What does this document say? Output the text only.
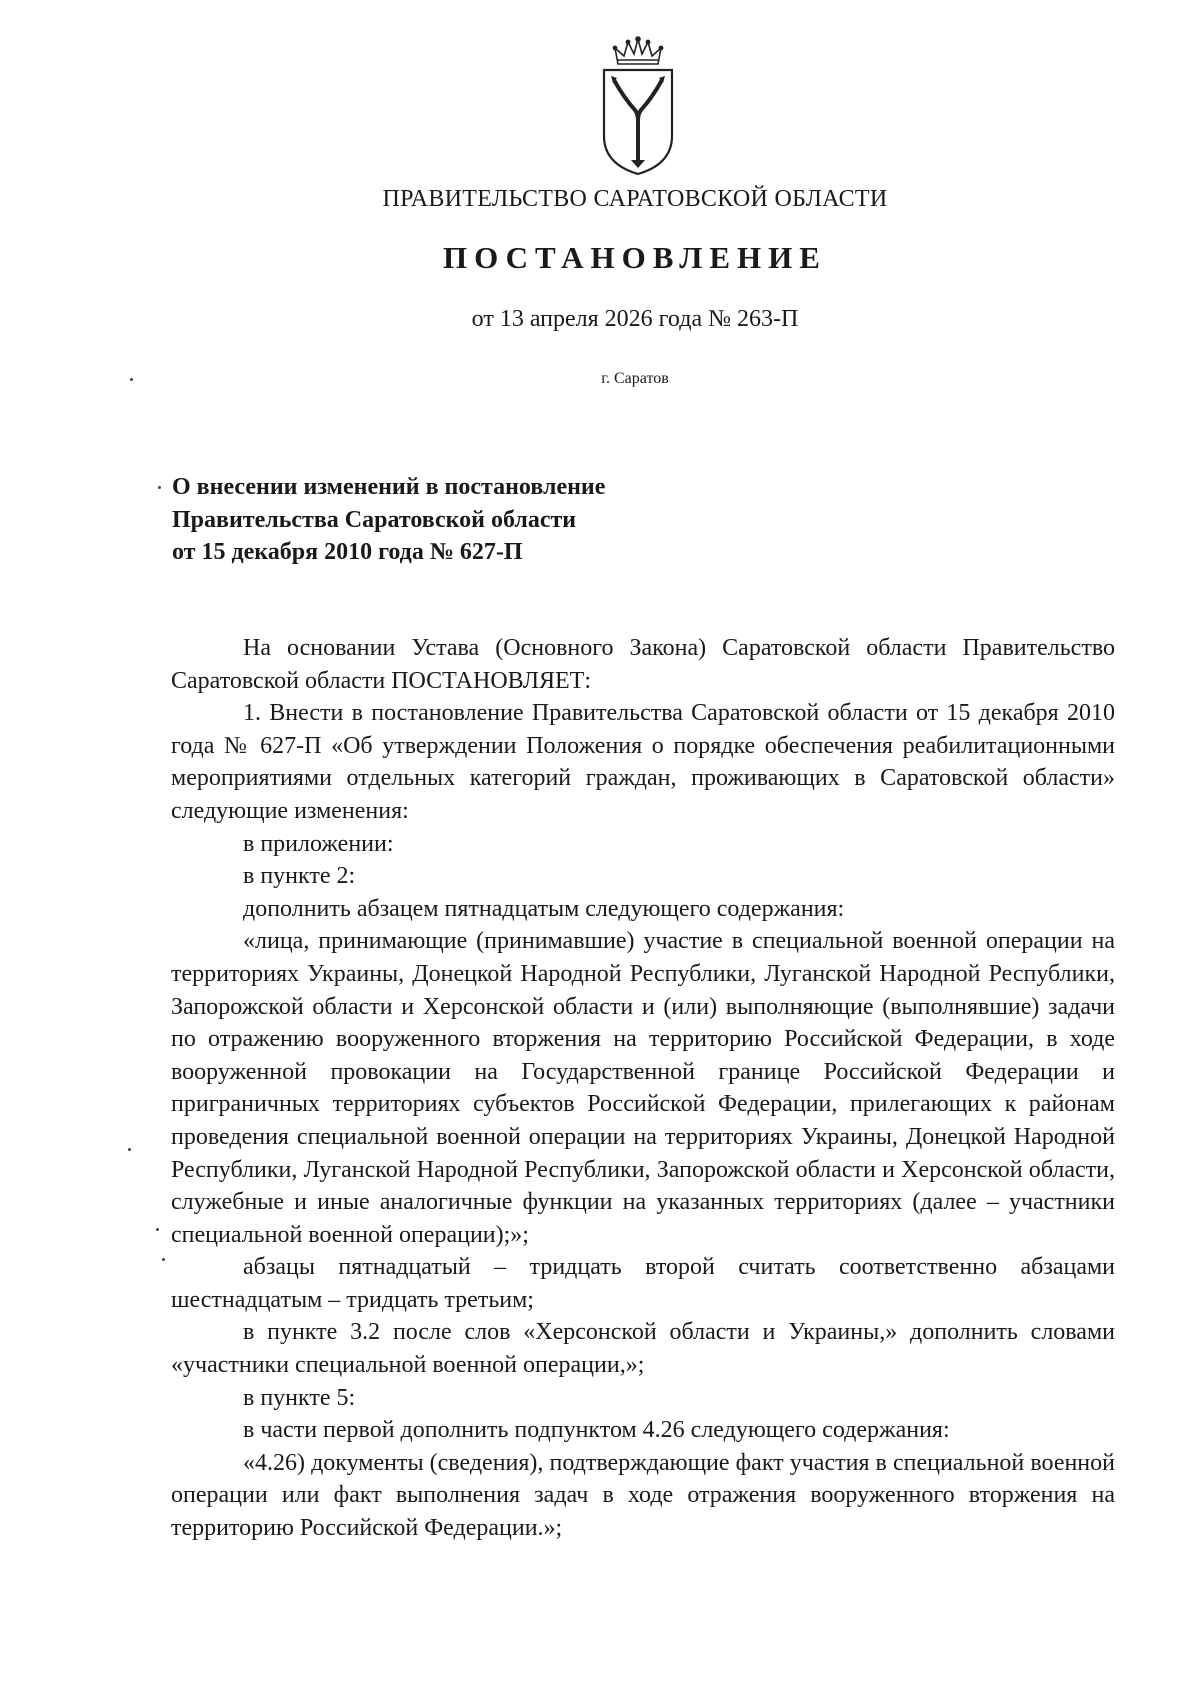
ПРАВИТЕЛЬСТВО САРАТОВСКОЙ ОБЛАСТИ
ПОСТАНОВЛЕНИЕ
от 13 апреля 2026 года № 263-П
г. Саратов
О внесении изменений в постановление
Правительства Саратовской области
от 15 декабря 2010 года № 627-П

На основании Устава (Основного Закона) Саратовской области Правительство Саратовской области ПОСТАНОВЛЯЕТ:

1. Внести в постановление Правительства Саратовской области от 15 декабря 2010 года № 627-П «Об утверждении Положения о порядке обеспечения реабилитационными мероприятиями отдельных категорий граждан, проживающих в Саратовской области» следующие изменения:

в приложении:

в пункте 2:

дополнить абзацем пятнадцатым следующего содержания:

«лица, принимающие (принимавшие) участие в специальной военной операции на территориях Украины, Донецкой Народной Республики, Луганской Народной Республики, Запорожской области и Херсонской области и (или) выполняющие (выполнявшие) задачи по отражению вооруженного вторжения на территорию Российской Федерации, в ходе вооруженной провокации на Государственной границе Российской Федерации и приграничных территориях субъектов Российской Федерации, прилегающих к районам проведения специальной военной операции на территориях Украины, Донецкой Народной Республики, Луганской Народной Республики, Запорожской области и Херсонской области, служебные и иные аналогичные функции на указанных территориях (далее – участники специальной военной операции);»;

абзацы пятнадцатый – тридцать второй считать соответственно абзацами шестнадцатым – тридцать третьим;

в пункте 3.2 после слов «Херсонской области и Украины,» дополнить словами «участники специальной военной операции,»;

в пункте 5:

в части первой дополнить подпунктом 4.26 следующего содержания:

«4.26) документы (сведения), подтверждающие факт участия в специальной военной операции или факт выполнения задач в ходе отражения вооруженного вторжения на территорию Российской Федерации.»;
